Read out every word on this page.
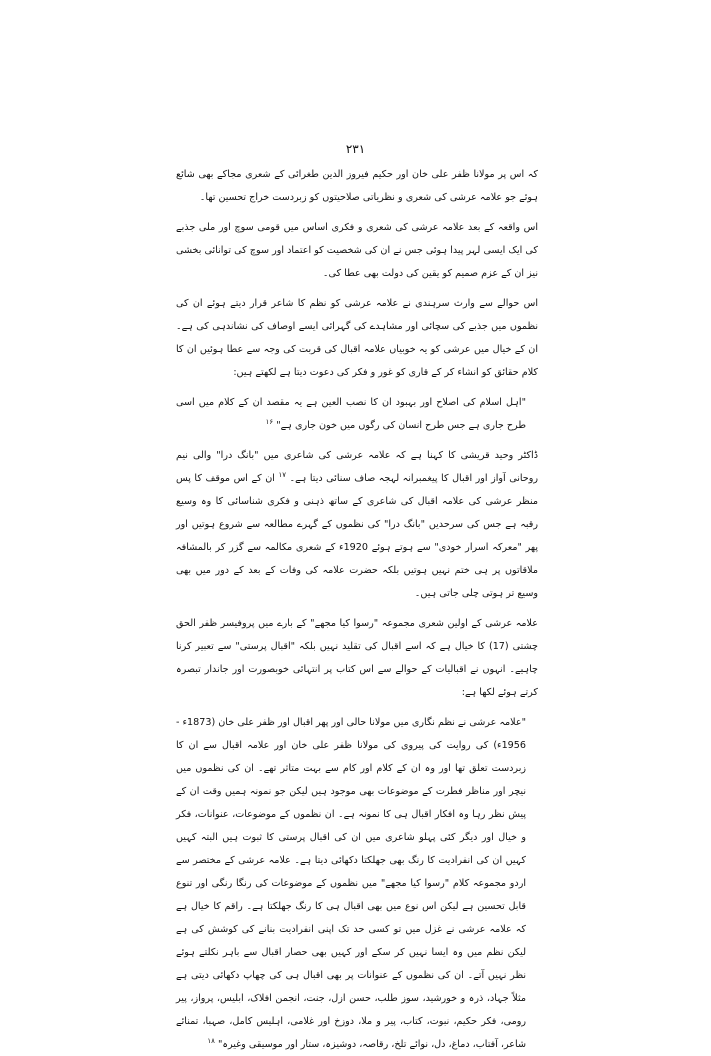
۲۳۱

کہ اس پر مولانا ظفر علی خان اور حکیم فیروز الدین طغرائی کے شعری مجاکے بھی شائع ہوئے جو علامہ عرشی کی شعری و نظریاتی صلاحیتوں کو زبردست خراج تحسین تھا۔

اس واقعہ کے بعد علامہ عرشی کی شعری و فکری اساس میں قومی سوچ اور ملی جذبے کی ایک ایسی لہر پیدا ہوئی جس نے ان کی شخصیت کو اعتماد اور سوچ کی توانائی بخشی نیز ان کے عزم صمیم کو یقین کی دولت بھی عطا کی۔

اس حوالے سے وارث سرہندی نے علامہ عرشی کو نظم کا شاعر قرار دیتے ہوئے ان کی نظموں میں جذبے کی سچائی اور مشاہدے کی گہرائی ایسے اوصاف کی نشاندہی کی ہے۔ ان کے خیال میں عرشی کو یہ خوبیاں علامہ اقبال کی قربت کی وجہ سے عطا ہوئیں ان کا کلام حقائق کو انشاء کر کے قاری کو غور و فکر کی دعوت دیتا ہے لکھتے ہیں:

"اہل اسلام کی اصلاح اور بہبود ان کا نصب العین ہے یہ مقصد ان کے کلام میں اسی طرح جاری ہے جس طرح انسان کی رگوں میں خون جاری ہے" $^{۱۶}$

ڈاکٹر وحید قریشی کا کہنا ہے کہ علامہ عرشی کی شاعری میں "بانگ درا" والی نیم روحانی آواز اور اقبال کا پیغمبرانہ لہجہ صاف سنائی دیتا ہے۔ $^{۱۷}$ ان کے اس موقف کا پس منظر عرشی کی علامہ اقبال کی شاعری کے ساتھ ذہنی و فکری شناسائی کا وہ وسیع رقبہ ہے جس کی سرحدیں "بانگ درا" کی نظموں کے گہرے مطالعہ سے شروع ہوتیں اور پھر "معرکہ اسرار خودی" سے ہوتے ہوئے 1920ء کے شعری مکالمہ سے گزر کر بالمشافہ ملاقاتوں پر ہی ختم نہیں ہوتیں بلکہ حضرت علامہ کی وفات کے بعد کے دور میں بھی وسیع تر ہوتی چلی جاتی ہیں۔

علامہ عرشی کے اولین شعری مجموعہ "رسوا کیا مجھے" کے بارے میں پروفیسر ظفر الحق چشتی (17) کا خیال ہے کہ اسے اقبال کی تقلید نہیں بلکہ "اقبال پرستی" سے تعبیر کرنا چاہیے۔ انہوں نے اقبالیات کے حوالے سے اس کتاب پر انتہائی خوبصورت اور جاندار تبصرہ کرتے ہوئے لکھا ہے:

"علامہ عرشی نے نظم نگاری میں مولانا حالی اور پھر اقبال اور ظفر علی خان (1873ء - 1956ء) کی روایت کی پیروی کی مولانا ظفر علی خان اور علامہ اقبال سے ان کا زبردست تعلق تھا اور وہ ان کے کلام اور کام سے بہت متاثر تھے۔ ان کی نظموں میں نیچر اور مناظر فطرت کے موضوعات بھی موجود ہیں لیکن جو نمونہ ہمیں وقت ان کے پیش نظر رہا وہ افکار اقبال ہی کا نمونہ ہے۔ ان نظموں کے موضوعات، عنوانات، فکر و خیال اور دیگر کئی پہلو شاعری میں ان کی اقبال پرستی کا ثبوت ہیں البتہ کہیں کہیں ان کی انفرادیت کا رنگ بھی جھلکتا دکھائی دیتا ہے۔ علامہ عرشی کے مختصر سے اردو مجموعہ کلام "رسوا کیا مجھے" میں نظموں کے موضوعات کی رنگا رنگی اور تنوع قابل تحسین ہے لیکن اس نوع میں بھی اقبال ہی کا رنگ جھلکتا ہے۔ راقم کا خیال ہے کہ علامہ عرشی نے غزل میں تو کسی حد تک اپنی انفرادیت بنانے کی کوشش کی ہے لیکن نظم میں وہ ایسا نہیں کر سکے اور کہیں بھی حصار اقبال سے باہر نکلتے ہوئے نظر نہیں آتے۔ ان کی نظموں کے عنوانات پر بھی اقبال ہی کی چھاپ دکھائی دیتی ہے مثلاً جہاد، ذرہ و خورشید، سوز طلب، حسن ازل، جنت، انجمن افلاک، ابلیس، پرواز، پیر رومی، فکر حکیم، نبوت، کتاب، پیر و ملا، دوزخ اور غلامی، اہلیس کامل، صہبا، تمنائے شاعر، آفتاب، دماغ، دل، نوائے تلخ، رقاصہ، دوشیزہ، ستار اور موسیقی وغیرہ" $^{۱۸}$
